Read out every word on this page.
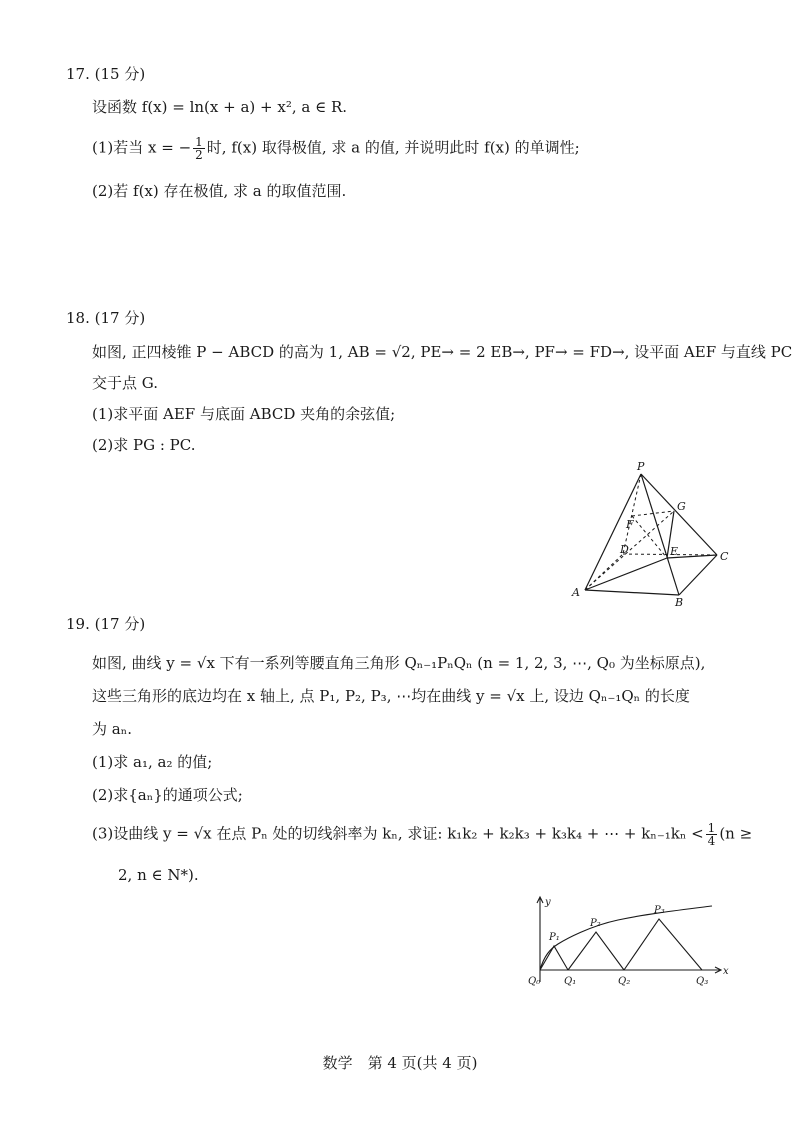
17. (15 分)
设函数 f(x) = ln(x + a) + x², a ∈ R.
(1)若当 x = − $\frac{1}{2}$ 时, f(x) 取得极值, 求 a 的值, 并说明此时 f(x) 的单调性;
(2)若 f(x) 存在极值, 求 a 的取值范围.
18. (17 分)
如图, 正四棱锥 P − ABCD 的高为 1, AB = √2, PE→ = 2 EB→, PF→ = FD→, 设平面 AEF 与直线 PC
交于点 G.
(1)求平面 AEF 与底面 ABCD 夹角的余弦值;
(2)求 PG : PC.
P
G
F
D	E	C
A
B
19. (17 分)
如图, 曲线 y = √x 下有一系列等腰直角三角形 Qₙ₋₁PₙQₙ (n = 1, 2, 3, ⋯, Q₀ 为坐标原点),
这些三角形的底边均在 x 轴上, 点 P₁, P₂, P₃, ⋯均在曲线 y = √x 上, 设边 Qₙ₋₁Qₙ 的长度
为 aₙ.
(1)求 a₁, a₂ 的值;
(2)求{aₙ}的通项公式;
(3)设曲线 y = √x 在点 Pₙ 处的切线斜率为 kₙ, 求证: k₁k₂ + k₂k₃ + k₃k₄ + ⋯ + $k_{n-1}k_n < \frac{1}{4} (n$ ≥
2, n ∈ N*).
y
x
Q₀ Q₁	Q₂	Q₃
P₁
P₂
P₃
数学　第 4 页(共 4 页)
